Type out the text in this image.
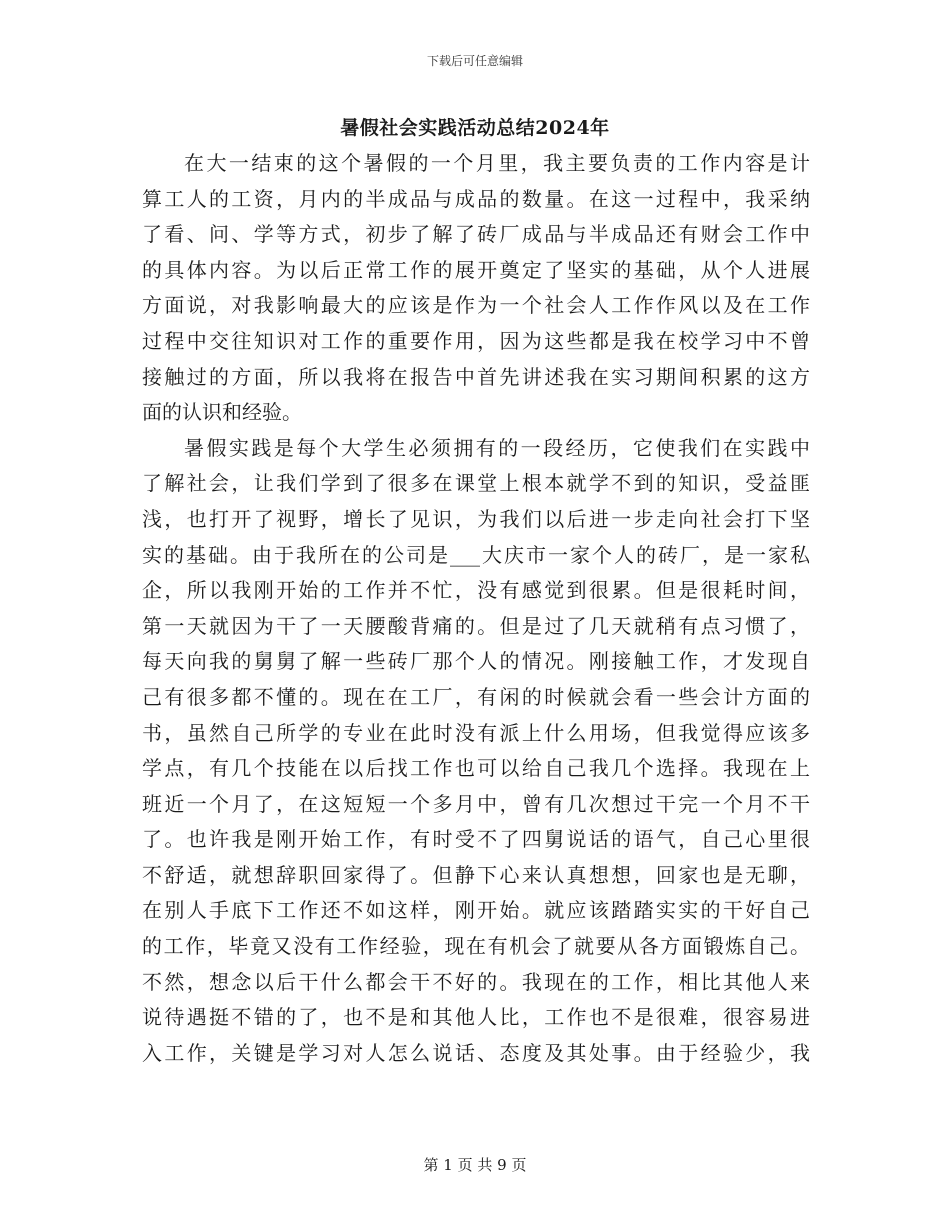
下载后可任意编辑
暑假社会实践活动总结2024年
在大一结束的这个暑假的一个月里，我主要负责的工作内容是计
算工人的工资，月内的半成品与成品的数量。在这一过程中，我采纳
了看、问、学等方式，初步了解了砖厂成品与半成品还有财会工作中
的具体内容。为以后正常工作的展开奠定了坚实的基础，从个人进展
方面说，对我影响最大的应该是作为一个社会人工作作风以及在工作
过程中交往知识对工作的重要作用，因为这些都是我在校学习中不曾
接触过的方面，所以我将在报告中首先讲述我在实习期间积累的这方
面的认识和经验。
暑假实践是每个大学生必须拥有的一段经历，它使我们在实践中
了解社会，让我们学到了很多在课堂上根本就学不到的知识，受益匪
浅，也打开了视野，增长了见识，为我们以后进一步走向社会打下坚
实的基础。由于我所在的公司是___大庆市一家个人的砖厂，是一家私
企，所以我刚开始的工作并不忙，没有感觉到很累。但是很耗时间，
第一天就因为干了一天腰酸背痛的。但是过了几天就稍有点习惯了，
每天向我的舅舅了解一些砖厂那个人的情况。刚接触工作，才发现自
己有很多都不懂的。现在在工厂，有闲的时候就会看一些会计方面的
书，虽然自己所学的专业在此时没有派上什么用场，但我觉得应该多
学点，有几个技能在以后找工作也可以给自己我几个选择。我现在上
班近一个月了，在这短短一个多月中，曾有几次想过干完一个月不干
了。也许我是刚开始工作，有时受不了四舅说话的语气，自己心里很
不舒适，就想辞职回家得了。但静下心来认真想想，回家也是无聊，
在别人手底下工作还不如这样，刚开始。就应该踏踏实实的干好自己
的工作，毕竟又没有工作经验，现在有机会了就要从各方面锻炼自己。
不然，想念以后干什么都会干不好的。我现在的工作，相比其他人来
说待遇挺不错的了，也不是和其他人比，工作也不是很难，很容易进
入工作，关键是学习对人怎么说话、态度及其处事。由于经验少，我
第 1 页 共 9 页
